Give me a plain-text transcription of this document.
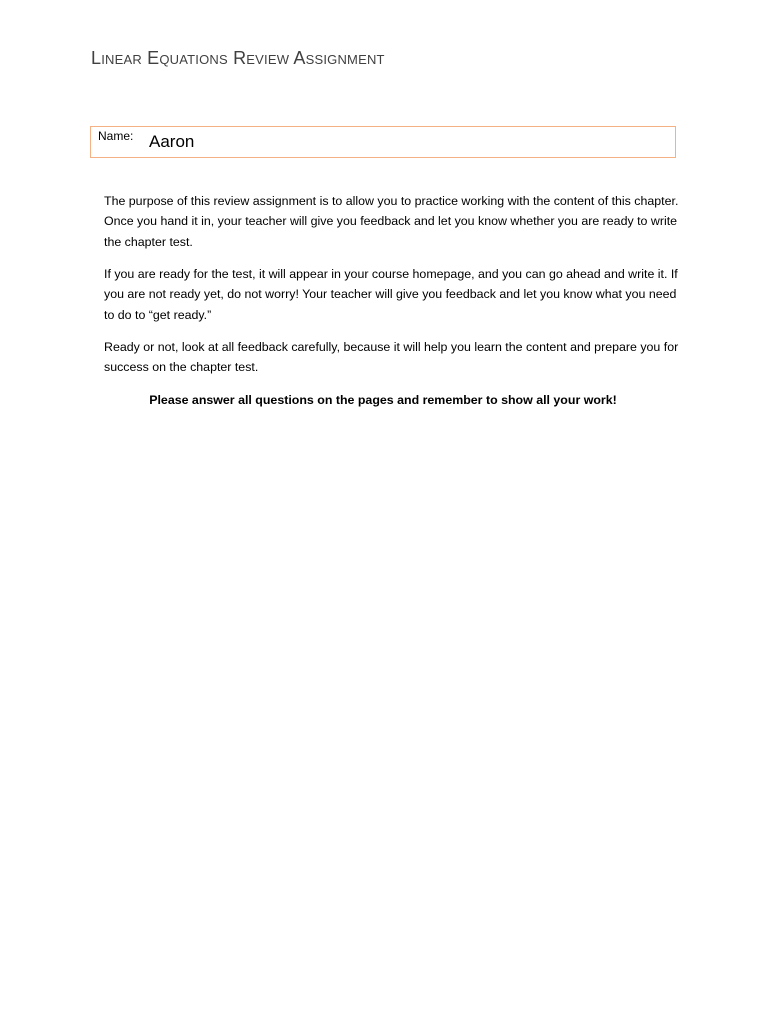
Linear Equations Review Assignment
Name: Aaron
The purpose of this review assignment is to allow you to practice working with the content of this chapter. Once you hand it in, your teacher will give you feedback and let you know whether you are ready to write the chapter test.
If you are ready for the test, it will appear in your course homepage, and you can go ahead and write it. If you are not ready yet, do not worry! Your teacher will give you feedback and let you know what you need to do to “get ready.”
Ready or not, look at all feedback carefully, because it will help you learn the content and prepare you for success on the chapter test.
Please answer all questions on the pages and remember to show all your work!
